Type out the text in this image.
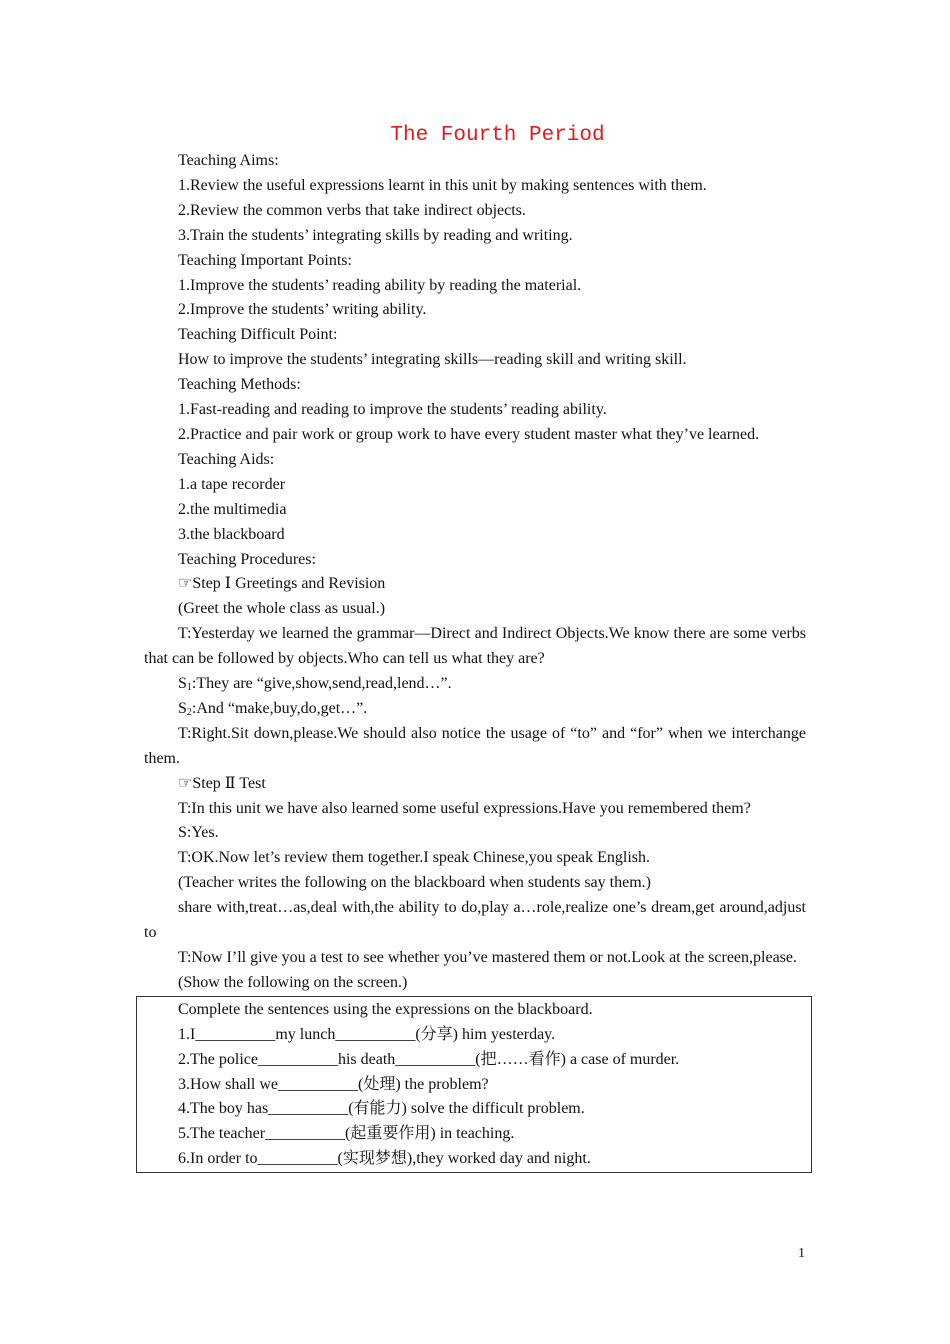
The Fourth Period

Teaching Aims:

1.Review the useful expressions learnt in this unit by making sentences with them.

2.Review the common verbs that take indirect objects.

3.Train the students’ integrating skills by reading and writing.

Teaching Important Points:

1.Improve the students’ reading ability by reading the material.

2.Improve the students’ writing ability.

Teaching Difficult Point:

How to improve the students’ integrating skills—reading skill and writing skill.

Teaching Methods:

1.Fast-reading and reading to improve the students’ reading ability.

2.Practice and pair work or group work to have every student master what they’ve learned.

Teaching Aids:

1.a tape recorder

2.the multimedia

3.the blackboard

Teaching Procedures:

☞Step Ⅰ Greetings and Revision

(Greet the whole class as usual.)

T:Yesterday we learned the grammar—Direct and Indirect Objects.We know there are some verbs that can be followed by objects.Who can tell us what they are?

$S_1:They$ are “give,show,send,read,lend…”.

$S_2:And$ “make,buy,do,get…”.

T:Right.Sit down,please.We should also notice the usage of “to” and “for” when we interchange them.

☞Step Ⅱ Test

T:In this unit we have also learned some useful expressions.Have you remembered them?

S:Yes.

T:OK.Now let’s review them together.I speak Chinese,you speak English.

(Teacher writes the following on the blackboard when students say them.)

share with,treat…as,deal with,the ability to do,play a…role,realize one’s dream,get around,adjust to

T:Now I’ll give you a test to see whether you’ve mastered them or not.Look at the screen,please.

(Show the following on the screen.)

Complete the sentences using the expressions on the blackboard.

1.I__________my lunch__________(分享) him yesterday.

2.The police__________his death__________(把……看作) a case of murder.

3.How shall we__________(处理) the problem?

4.The boy has__________(有能力) solve the difficult problem.

5.The teacher__________(起重要作用) in teaching.

6.In order to__________(实现梦想),they worked day and night.

1
